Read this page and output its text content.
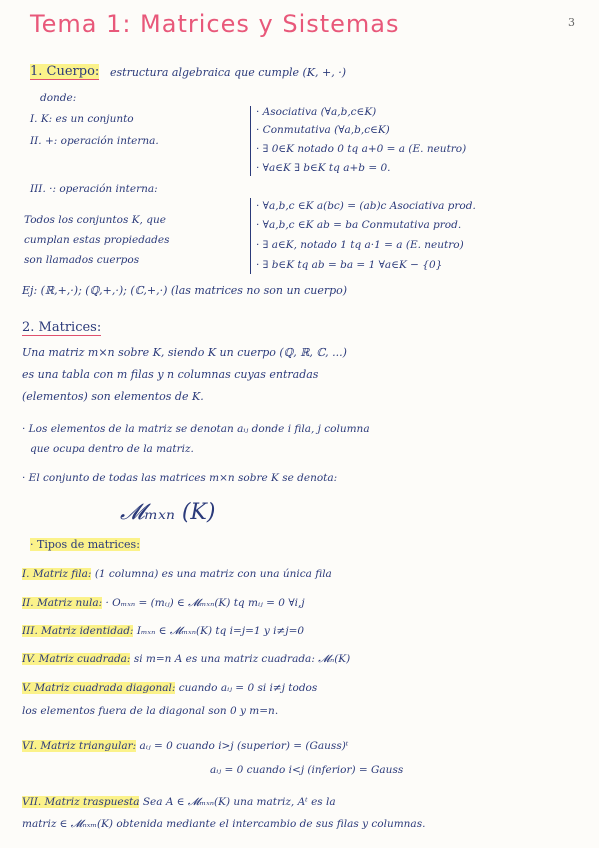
Tema 1: Matrices y Sistemas	3
1. Cuerpo: estructura algebraica que cumple (K, +, ·)
donde:
I. K: es un conjunto
II. +: operación interna.
· Asociativa (∀a,b,c∈K)
· Conmutativa (∀a,b,c∈K)
· ∃ 0∈K notado 0 tq a+0 = a (E. neutro)
· ∀a∈K ∃ b∈K tq a+b = 0.
III. ·: operación interna:
· ∀a,b,c ∈K a(bc) = (ab)c Asociativa prod.
· ∀a,b,c ∈K ab = ba Conmutativa prod.
· ∃ a∈K, notado 1 tq a·1 = a (E. neutro)
· ∃ b∈K tq ab = ba = 1 ∀a∈K − {0}
Todos los conjuntos K, que
cumplan estas propiedades
son llamados cuerpos
Ej: (ℝ,+,·); (ℚ,+,·); (ℂ,+,·) (las matrices no son un cuerpo)
2. Matrices:
Una matriz m×n sobre K, siendo K un cuerpo (ℚ, ℝ, ℂ, ...)
es una tabla con m filas y n columnas cuyas entradas
(elementos) son elementos de K.
· Los elementos de la matriz se denotan aᵢⱼ donde i fila, j columna
que ocupa dentro de la matriz.
· El conjunto de todas las matrices m×n sobre K se denota:
𝓜ₘₓₙ (K)
· Tipos de matrices:
I. Matriz fila: (1 columna) es una matriz con una única fila
II. Matriz nula: · Oₘₓₙ = (mᵢⱼ) ∈ 𝓜ₘₓₙ(K) tq mᵢⱼ = 0 ∀i,j
III. Matriz identidad: Iₘₓₙ ∈ 𝓜ₘₓₙ(K) tq i=j=1 y i≠j=0
IV. Matriz cuadrada: si m=n A es una matriz cuadrada: 𝓜ₙ(K)
V. Matriz cuadrada diagonal: cuando aᵢⱼ = 0 si i≠j todos
los elementos fuera de la diagonal son 0 y m=n.
VI. Matriz triangular: aᵢⱼ = 0 cuando i>j (superior) = (Gauss)ᵗ
aᵢⱼ = 0 cuando i<j (inferior) = Gauss
VII. Matriz traspuesta Sea A ∈ 𝓜ₘₓₙ(K) una matriz, Aᵗ es la
matriz ∈ 𝓜ₙₓₘ(K) obtenida mediante el intercambio de sus filas y columnas.
